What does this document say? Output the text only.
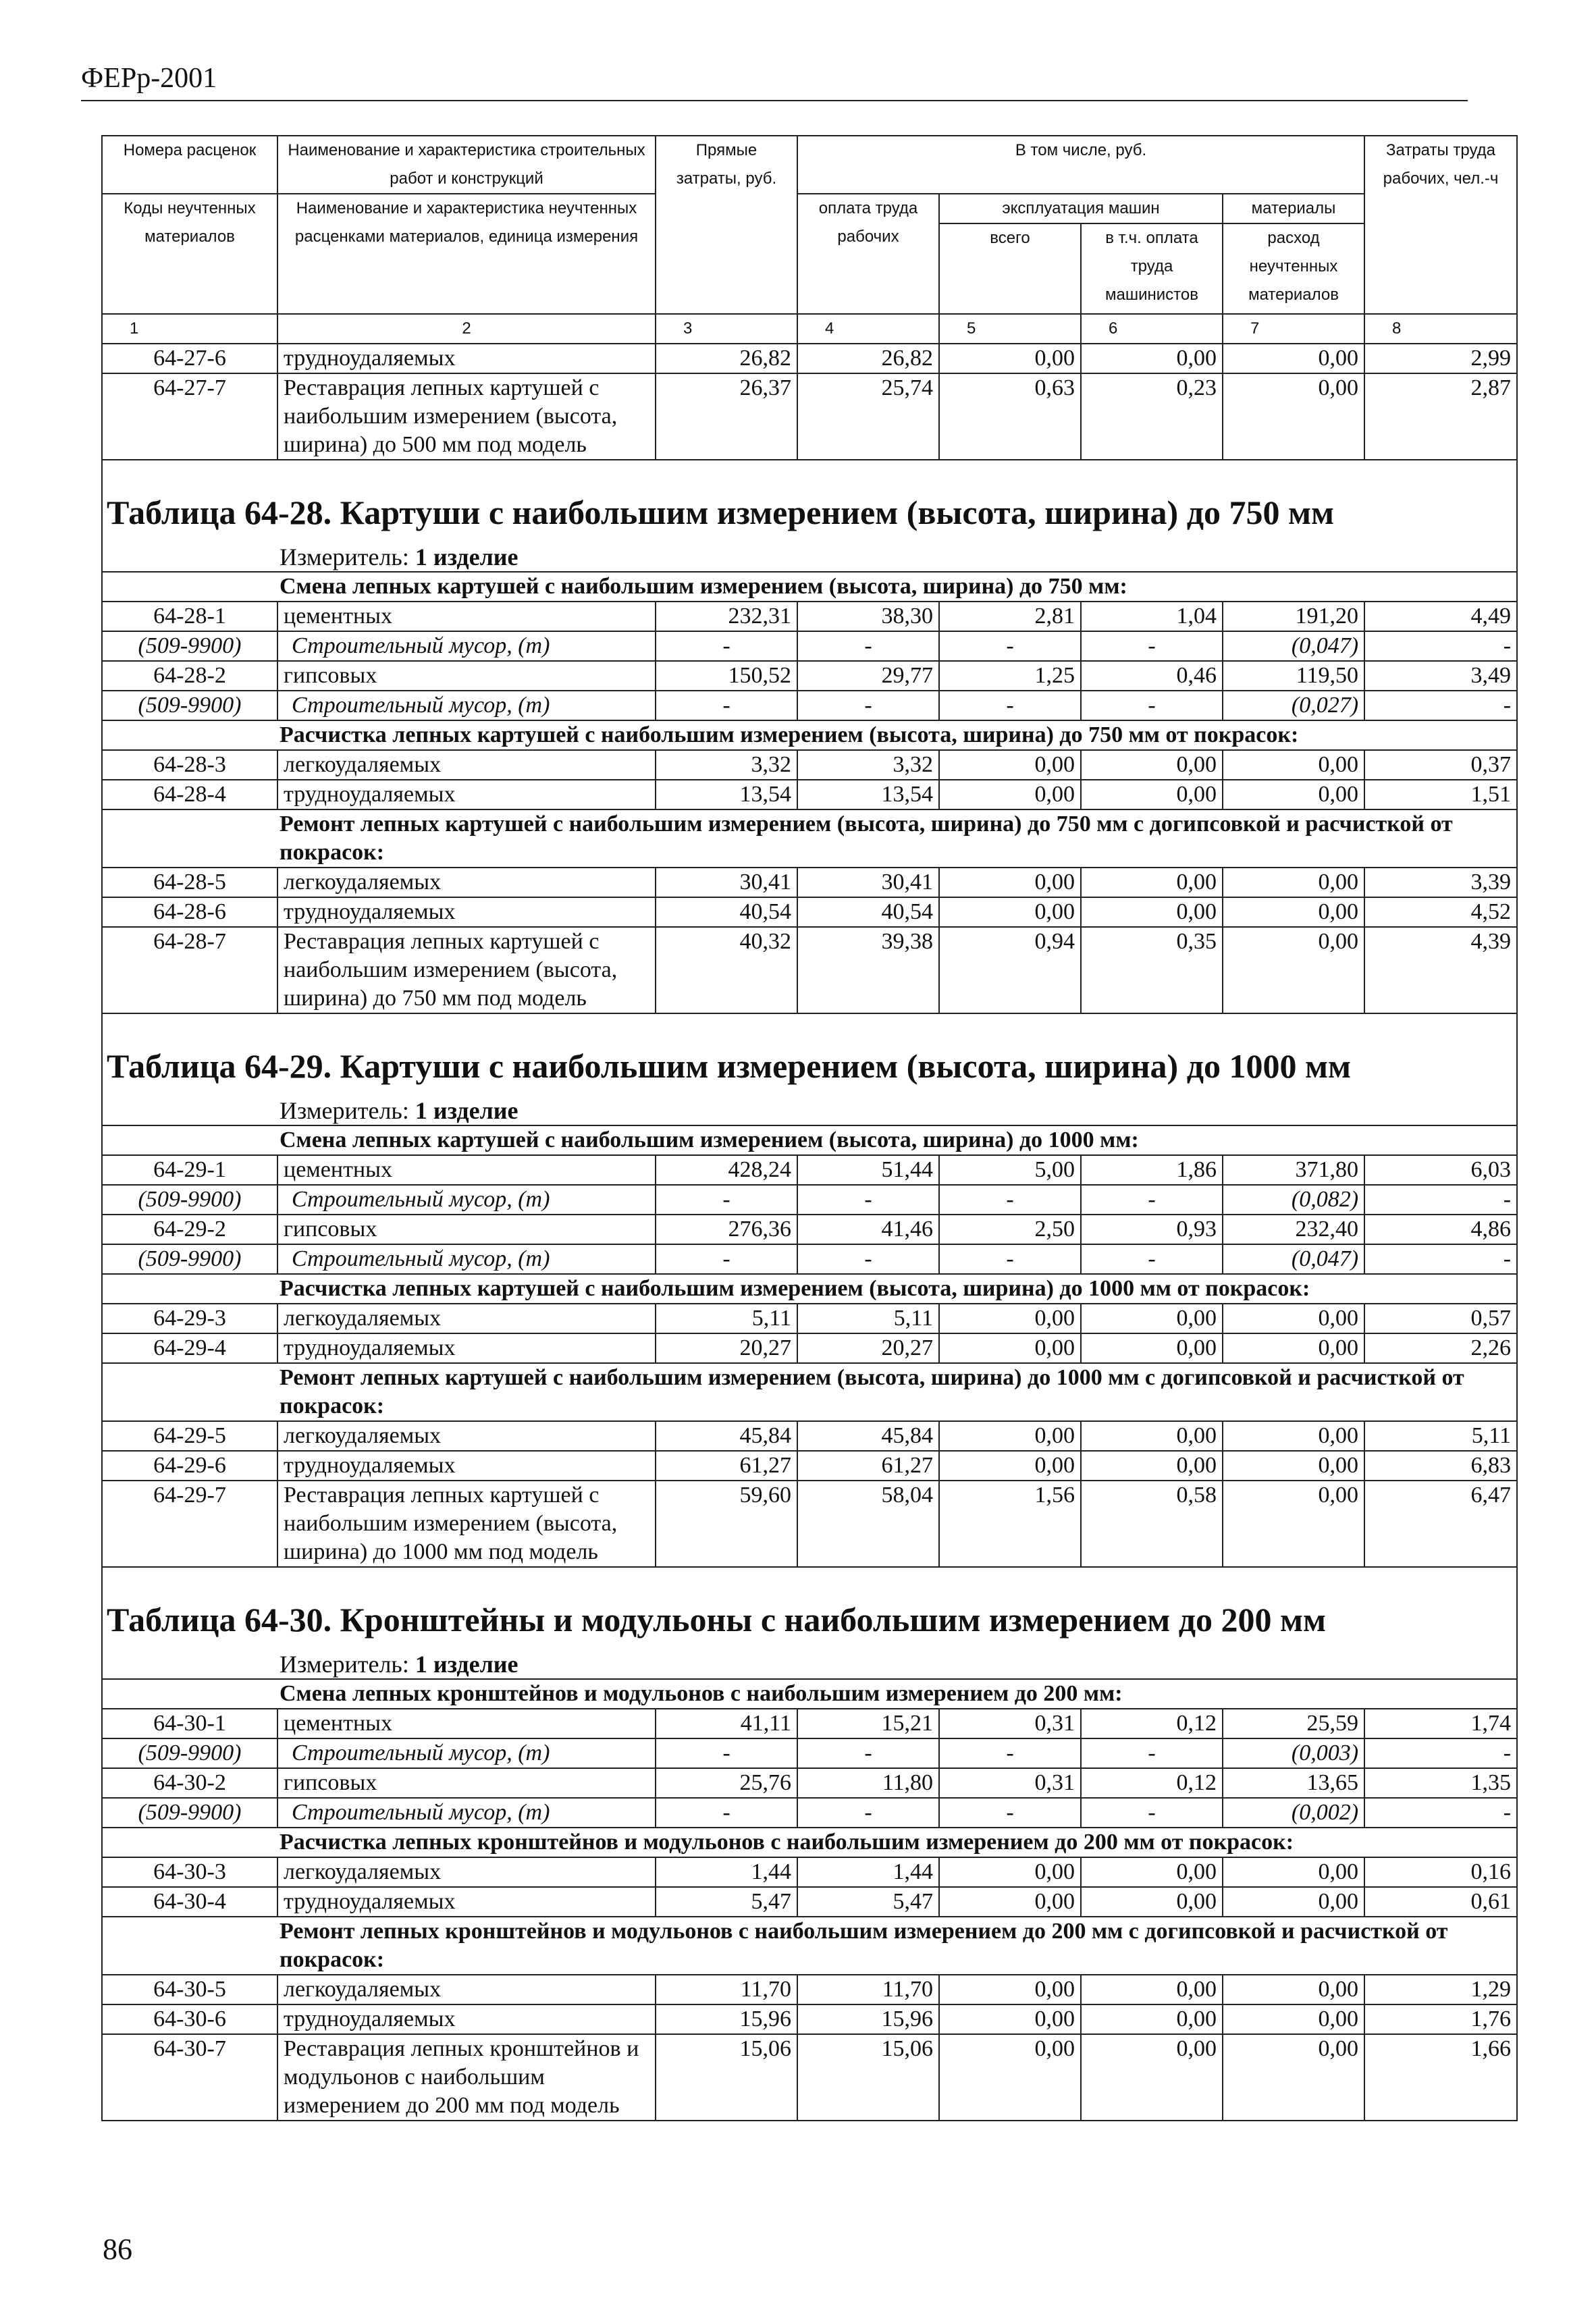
ФЕРр-2001
Номера расценок	Наименование и характеристика строительных работ и конструкций	Прямые затраты, руб.	В том числе, руб.				Затраты труда рабочих, чел.-ч
Коды неучтенных материалов	Наименование и характеристика неучтенных расценками материалов, единица измерения		оплата труда рабочих	эксплуатация машин		материалы	
				всего	в т.ч. оплата труда машинистов	расход неучтенных материалов	

1	2	3	4	5	6	7	8
64-27-6	трудноудаляемых	26,82	26,82	0,00	0,00	0,00	2,99
64-27-7	Реставрация лепных картушей с наибольшим измерением (высота, ширина) до 500 мм под модель	26,37	25,74	0,63	0,23	0,00	2,87

Таблица 64-28. Картуши с наибольшим измерением (высота, ширина) до 750 мм							
Измеритель: 1 изделие							
Смена лепных картушей с наибольшим измерением (высота, ширина) до 750 мм:							
64-28-1	цементных	232,31	38,30	2,81	1,04	191,20	4,49
(509-9900)	Строительный мусор, (т)	-	-	-	-	(0,047)	-
64-28-2	гипсовых	150,52	29,77	1,25	0,46	119,50	3,49
(509-9900)	Строительный мусор, (т)	-	-	-	-	(0,027)	-
Расчистка лепных картушей с наибольшим измерением (высота, ширина) до 750 мм от покрасок:							
64-28-3	легкоудаляемых	3,32	3,32	0,00	0,00	0,00	0,37
64-28-4	трудноудаляемых	13,54	13,54	0,00	0,00	0,00	1,51
Ремонт лепных картушей с наибольшим измерением (высота, ширина) до 750 мм с догипсовкой и расчисткой от покрасок:							
64-28-5	легкоудаляемых	30,41	30,41	0,00	0,00	0,00	3,39
64-28-6	трудноудаляемых	40,54	40,54	0,00	0,00	0,00	4,52
64-28-7	Реставрация лепных картушей с наибольшим измерением (высота, ширина) до 750 мм под модель	40,32	39,38	0,94	0,35	0,00	4,39

Таблица 64-29. Картуши с наибольшим измерением (высота, ширина) до 1000 мм							
Измеритель: 1 изделие							
Смена лепных картушей с наибольшим измерением (высота, ширина) до 1000 мм:							
64-29-1	цементных	428,24	51,44	5,00	1,86	371,80	6,03
(509-9900)	Строительный мусор, (т)	-	-	-	-	(0,082)	-
64-29-2	гипсовых	276,36	41,46	2,50	0,93	232,40	4,86
(509-9900)	Строительный мусор, (т)	-	-	-	-	(0,047)	-
Расчистка лепных картушей с наибольшим измерением (высота, ширина) до 1000 мм от покрасок:							
64-29-3	легкоудаляемых	5,11	5,11	0,00	0,00	0,00	0,57
64-29-4	трудноудаляемых	20,27	20,27	0,00	0,00	0,00	2,26
Ремонт лепных картушей с наибольшим измерением (высота, ширина) до 1000 мм с догипсовкой и расчисткой от покрасок:							
64-29-5	легкоудаляемых	45,84	45,84	0,00	0,00	0,00	5,11
64-29-6	трудноудаляемых	61,27	61,27	0,00	0,00	0,00	6,83
64-29-7	Реставрация лепных картушей с наибольшим измерением (высота, ширина) до 1000 мм под модель	59,60	58,04	1,56	0,58	0,00	6,47

Таблица 64-30. Кронштейны и модульоны с наибольшим измерением до 200 мм							
Измеритель: 1 изделие							
Смена лепных кронштейнов и модульонов с наибольшим измерением до 200 мм:							
64-30-1	цементных	41,11	15,21	0,31	0,12	25,59	1,74
(509-9900)	Строительный мусор, (т)	-	-	-	-	(0,003)	-
64-30-2	гипсовых	25,76	11,80	0,31	0,12	13,65	1,35
(509-9900)	Строительный мусор, (т)	-	-	-	-	(0,002)	-
Расчистка лепных кронштейнов и модульонов с наибольшим измерением до 200 мм от покрасок:							
64-30-3	легкоудаляемых	1,44	1,44	0,00	0,00	0,00	0,16
64-30-4	трудноудаляемых	5,47	5,47	0,00	0,00	0,00	0,61
Ремонт лепных кронштейнов и модульонов с наибольшим измерением до 200 мм с догипсовкой и расчисткой от покрасок:							
64-30-5	легкоудаляемых	11,70	11,70	0,00	0,00	0,00	1,29
64-30-6	трудноудаляемых	15,96	15,96	0,00	0,00	0,00	1,76
64-30-7	Реставрация лепных кронштейнов и модульонов с наибольшим измерением до 200 мм под модель	15,06	15,06	0,00	0,00	0,00	1,66
86
